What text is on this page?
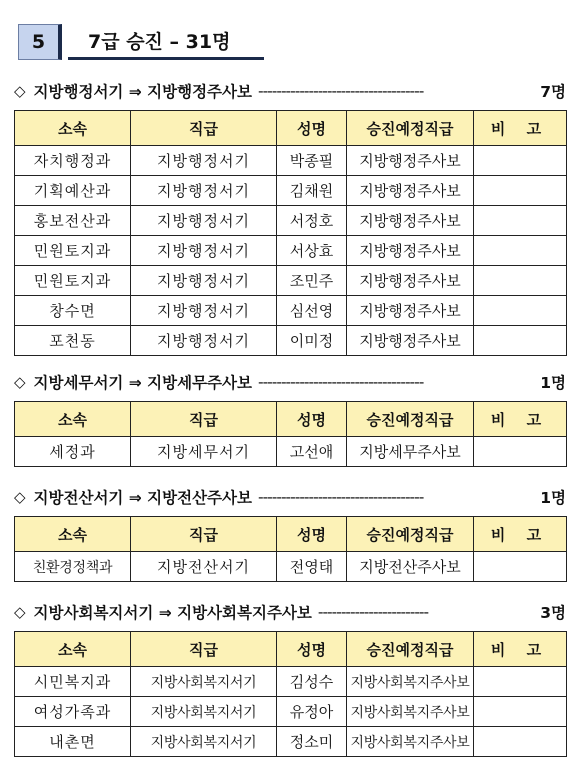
5	7급 승진 – 31명
◇ 지방행정서기 ⇒ 지방행정주사보 ------------------------------------	7명
소속	직급	성명	승진예정직급	비 고
자치행정과	지방행정서기	박종필	지방행정주사보	
기획예산과	지방행정서기	김채원	지방행정주사보	
홍보전산과	지방행정서기	서정호	지방행정주사보	
민원토지과	지방행정서기	서상효	지방행정주사보	
민원토지과	지방행정서기	조민주	지방행정주사보	
창수면	지방행정서기	심선영	지방행정주사보	
포천동	지방행정서기	이미정	지방행정주사보	
◇ 지방세무서기 ⇒ 지방세무주사보 ------------------------------------	1명
소속	직급	성명	승진예정직급	비 고
세정과	지방세무서기	고선애	지방세무주사보	
◇ 지방전산서기 ⇒ 지방전산주사보 ------------------------------------	1명
소속	직급	성명	승진예정직급	비 고
친환경정책과	지방전산서기	전영태	지방전산주사보	
◇ 지방사회복지서기 ⇒ 지방사회복지주사보 ------------------------	3명
소속	직급	성명	승진예정직급	비 고
시민복지과	지방사회복지서기	김성수	지방사회복지주사보	
여성가족과	지방사회복지서기	유정아	지방사회복지주사보	
내촌면	지방사회복지서기	정소미	지방사회복지주사보	
